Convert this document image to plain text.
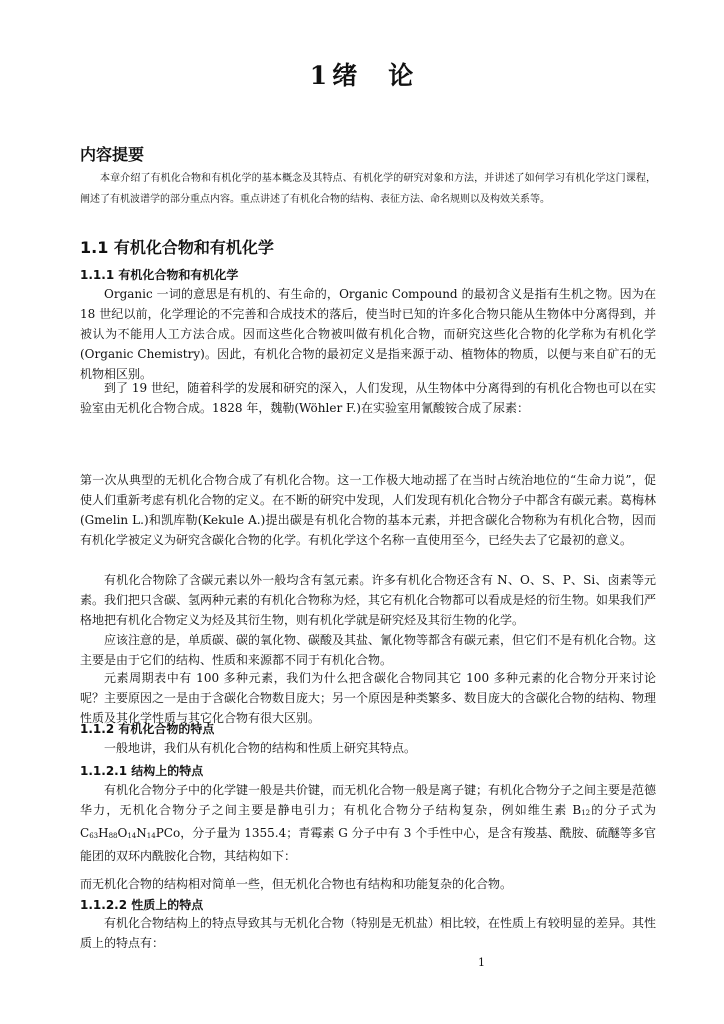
1 绪 论
内容提要
本章介绍了有机化合物和有机化学的基本概念及其特点、有机化学的研究对象和方法，并讲述了如何学习有机化学这门课程，阐述了有机波谱学的部分重点内容。重点讲述了有机化合物的结构、表征方法、命名规则以及构效关系等。
1.1 有机化合物和有机化学
1.1.1 有机化合物和有机化学
Organic 一词的意思是有机的、有生命的，Organic Compound 的最初含义是指有生机之物。因为在 18 世纪以前，化学理论的不完善和合成技术的落后，使当时已知的许多化合物只能从生物体中分离得到，并被认为不能用人工方法合成。因而这些化合物被叫做有机化合物，而研究这些化合物的化学称为有机化学(Organic Chemistry)。因此，有机化合物的最初定义是指来源于动、植物体的物质，以便与来自矿石的无机物相区别。
到了 19 世纪，随着科学的发展和研究的深入，人们发现，从生物体中分离得到的有机化合物也可以在实验室由无机化合物合成。1828 年，魏勒(Wöhler F.)在实验室用氰酸铵合成了尿素：
第一次从典型的无机化合物合成了有机化合物。这一工作极大地动摇了在当时占统治地位的“生命力说”，促使人们重新考虑有机化合物的定义。在不断的研究中发现，人们发现有机化合物分子中都含有碳元素。葛梅林(Gmelin L.)和凯库勒(Kekule A.)提出碳是有机化合物的基本元素，并把含碳化合物称为有机化合物，因而有机化学被定义为研究含碳化合物的化学。有机化学这个名称一直使用至今，已经失去了它最初的意义。
有机化合物除了含碳元素以外一般均含有氢元素。许多有机化合物还含有 N、O、S、P、Si、卤素等元素。我们把只含碳、氢两种元素的有机化合物称为烃，其它有机化合物都可以看成是烃的衍生物。如果我们严格地把有机化合物定义为烃及其衍生物，则有机化学就是研究烃及其衍生物的化学。
应该注意的是，单质碳、碳的氧化物、碳酸及其盐、氰化物等都含有碳元素，但它们不是有机化合物。这主要是由于它们的结构、性质和来源都不同于有机化合物。
元素周期表中有 100 多种元素，我们为什么把含碳化合物同其它 100 多种元素的化合物分开来讨论呢？主要原因之一是由于含碳化合物数目庞大；另一个原因是种类繁多、数目庞大的含碳化合物的结构、物理性质及其化学性质与其它化合物有很大区别。
1.1.2 有机化合物的特点
一般地讲，我们从有机化合物的结构和性质上研究其特点。
1.1.2.1 结构上的特点
有机化合物分子中的化学键一般是共价键，而无机化合物一般是离子键；有机化合物分子之间主要是范德华力，无机化合物分子之间主要是静电引力；有机化合物分子结构复杂，例如维生素 $B_{12}$的分子式为 $C_{63}H_{88}O_{14}N_{14}PCo$，分子量为 1355.4；青霉素 G 分子中有 3 个手性中心，是含有羧基、酰胺、硫醚等多官能团的双环内酰胺化合物，其结构如下：
而无机化合物的结构相对简单一些，但无机化合物也有结构和功能复杂的化合物。
1.1.2.2 性质上的特点
有机化合物结构上的特点导致其与无机化合物（特别是无机盐）相比较，在性质上有较明显的差异。其性质上的特点有：
1
